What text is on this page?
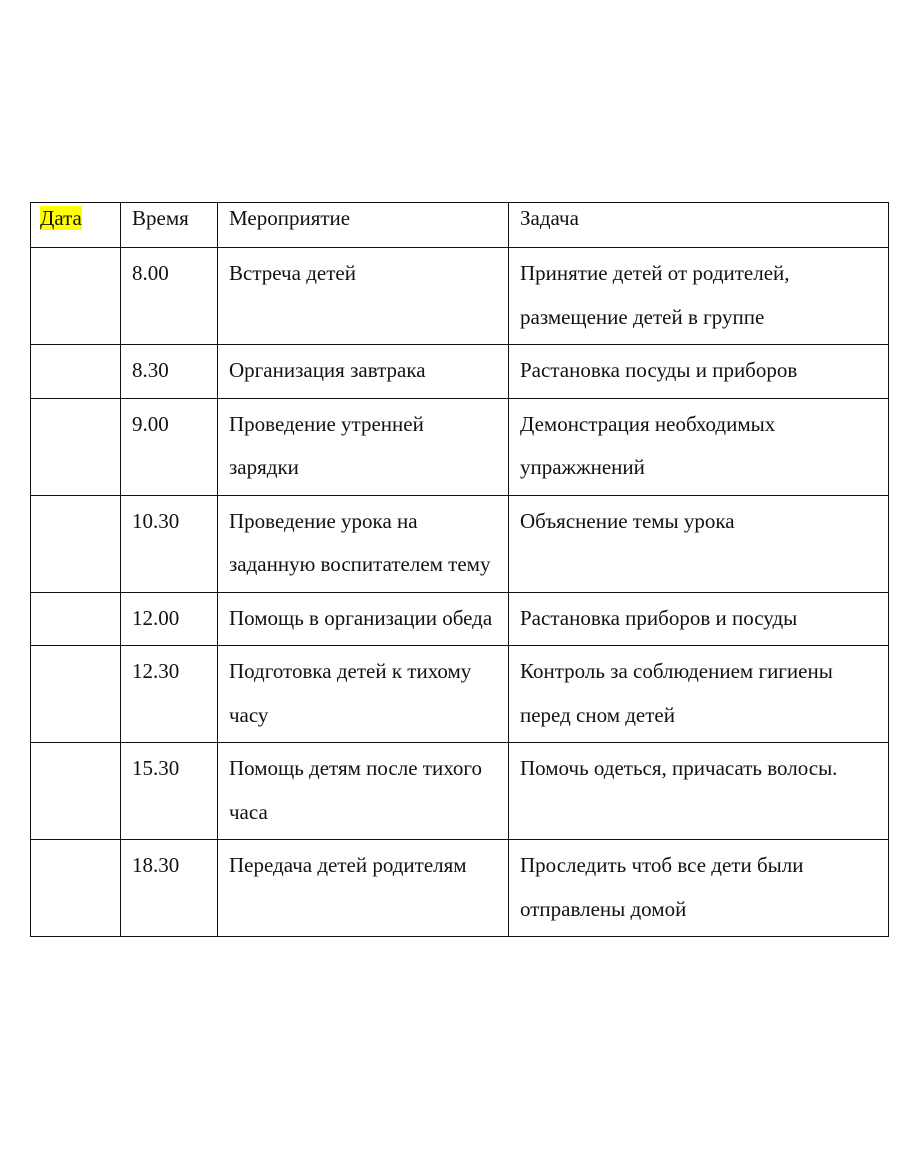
Дата	Время	Мероприятие	Задача
	8.00	Встреча детей	Принятие детей от родителей, размещение детей в группе
	8.30	Организация завтрака	Растановка посуды и приборов
	9.00	Проведение утренней зарядки	Демонстрация необходимых упражжнений
	10.30	Проведение урока на заданную воспитателем тему	Объяснение темы урока
	12.00	Помощь в организации обеда	Растановка приборов и посуды
	12.30	Подготовка детей к тихому часу	Контроль за соблюдением гигиены перед сном детей
	15.30	Помощь детям после тихого часа	Помочь одеться, причасать волосы.
	18.30	Передача детей родителям	Проследить чтоб все дети были отправлены домой
